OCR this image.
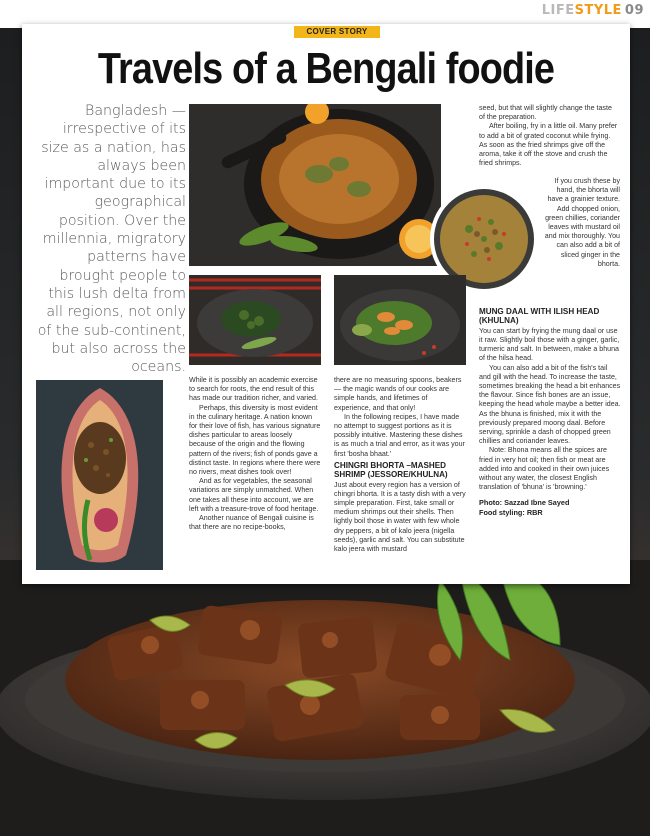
LIFESTYLE 09
COVER STORY
Travels of a Bengali foodie
Bangladesh — irrespective of its size as a nation, has always been important due to its geographical position. Over the millennia, migratory patterns have brought people to this lush delta from all regions, not only of the sub-continent, but also across the oceans.

While it is possibly an academic exercise to search for roots, the end result of this has made our tradition richer, and varied.

Perhaps, this diversity is most evident in the culinary heritage. A nation known for their love of fish, has various signature dishes particular to areas loosely because of the origin and the flowing pattern of the rivers; fish of ponds gave a distinct taste. In regions where there were no rivers, meat dishes took over!

And as for vegetables, the seasonal variations are simply unmatched. When one takes all these into account, we are left with a treasure-trove of food heritage.

Another nuance of Bengali cuisine is that there are no recipe-books,

there are no measuring spoons, beakers — the magic wands of our cooks are simple hands, and lifetimes of experience, and that only!

In the following recipes, I have made no attempt to suggest portions as it is possibly intuitive. Mastering these dishes is as much a trial and error, as it was your first 'bosha bhaat.'

CHINGRI BHORTA –MASHED SHRIMP (JESSORE/KHULNA)

Just about every region has a version of chingri bhorta. It is a tasty dish with a very simple preparation. First, take small or medium shrimps out their shells. Then lightly boil those in water with few whole dry peppers, a bit of kalo jeera (nigella seeds), garlic and salt. You can substitute kalo jeera with mustard

seed, but that will slightly change the taste of the preparation.

After boiling, fry in a little oil. Many prefer to add a bit of grated coconut while frying. As soon as the fried shrimps give off the aroma, take it off the stove and crush the fried shrimps.

If you crush these by hand, the bhorta will have a grainier texture. Add chopped onion, green chillies, coriander leaves with mustard oil and mix thoroughly. You can also add a bit of sliced ginger in the bhorta.

MUNG DAAL WITH ILISH HEAD (KHULNA)

You can start by frying the mung daal or use it raw. Slightly boil those with a ginger, garlic, turmeric and salt. In between, make a bhuna of the hilsa head.

You can also add a bit of the fish's tail and gill with the head. To increase the taste, sometimes breaking the head a bit enhances the flavour. Since fish bones are an issue, keeping the head whole maybe a better idea. As the bhuna is finished, mix it with the previously prepared moong daal. Before serving, sprinkle a dash of chopped green chillies and coriander leaves.

Note: Bhona means all the spices are fried in very hot oil; then fish or meat are added into and cooked in their own juices without any water, the closest English translation of 'bhuna' is 'browning.'

Photo: Sazzad Ibne Sayed
Food styling: RBR
